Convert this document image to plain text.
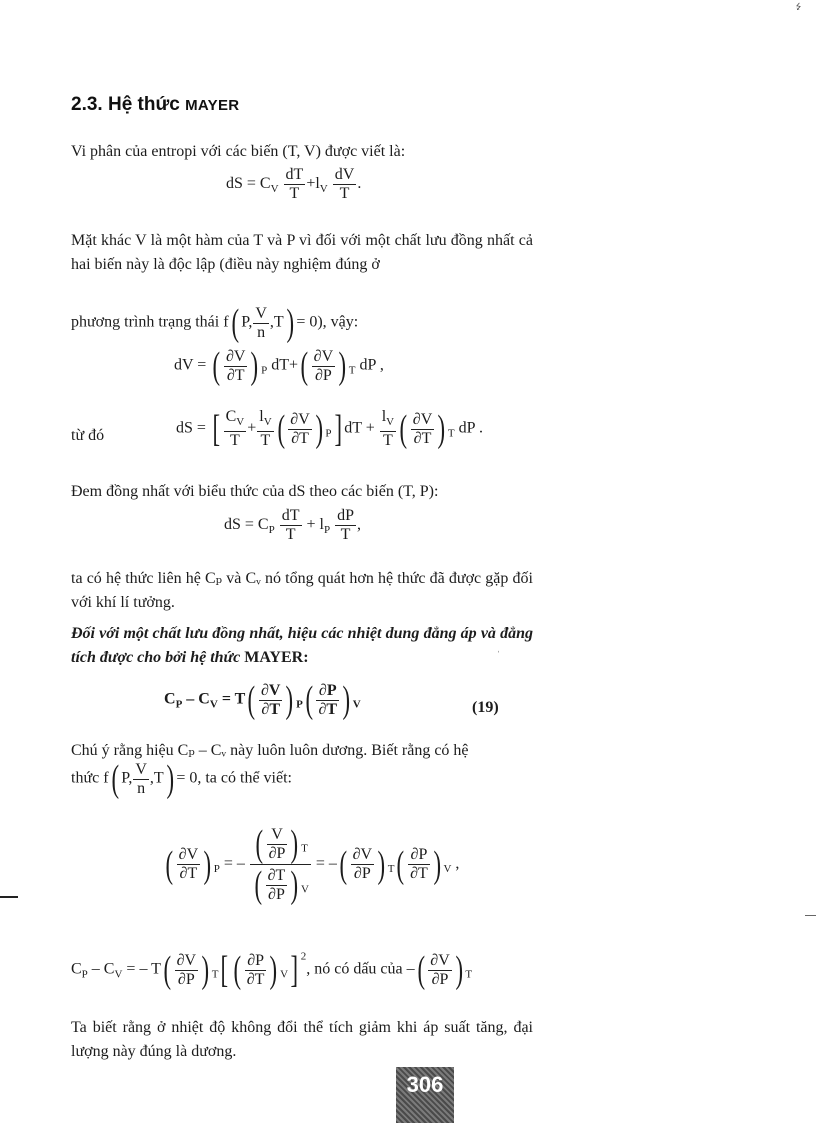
↯
2.3. Hệ thức MAYER
Vi phân của entropi với các biến (T, V) được viết là:
dS = $C_V \frac{dT}{T} +l_V \frac{dV}{T}$ .
Mặt khác V là một hàm của T và P vì đối với một chất lưu đồng nhất cả hai biến này là độc lập (điều này nghiệm đúng ở
phương trình trạng thái f( P, $\frac{V}{n} ,T) = 0$), vậy:
dV = ( $\frac{\partial V}{\partial T}$ ) $_P$ $dT+( \frac{\partial V}{\partial P}$ ) $_T$ dP ,
từ đó	dS = [ $\frac{C_V}{T} + \frac{l_V}{T}$ ( $\frac{\partial V}{\partial T}$ ) $_P$] dT + $\frac{l_V}{T}$ ( $\frac{\partial V}{\partial T}$ ) $_T$ dP .
Đem đồng nhất với biểu thức của dS theo các biến (T, P):
dS = $C_P \frac{dT}{T} + l_P \frac{dP}{T}$ ,
ta có hệ thức liên hệ Cₚ và Cᵥ nó tổng quát hơn hệ thức đã được gặp đối với khí lí tưởng.
Đối với một chất lưu đồng nhất, hiệu các nhiệt dung đẳng áp và đẳng tích được cho bởi hệ thức MAYER:	ˈ
$C_P - C_V = T( \frac{\partial V}{\partial T}$ ) $_P( \frac{\partial P}{\partial T}$ ) $_V$	(19)
Chú ý rằng hiệu Cₚ – Cᵥ này luôn luôn dương. Biết rằng có hệ
thức f( P, $\frac{V}{n} ,T) = 0$, ta có thể viết:
( $\frac{\partial V}{\partial T}$ ) $_P$ = – $\frac{( \frac{V}{\partial P} ) _T}{( \frac{\partial T}{\partial P} ) _V}$ = –( $\frac{\partial V}{\partial P}$ ) $_T( \frac{\partial P}{\partial T}$ ) $_V$ ,
$C_P - C_V$ = – $T( \frac{\partial V}{\partial P}$ ) $_T$[ ( $\frac{\partial P}{\partial T}$ ) $_V$] $^2$, nó có dấu của –( $\frac{\partial V}{\partial P}$ ) $_T$
Ta biết rằng ở nhiệt độ không đổi thể tích giảm khi áp suất tăng, đại lượng này đúng là dương.
306
